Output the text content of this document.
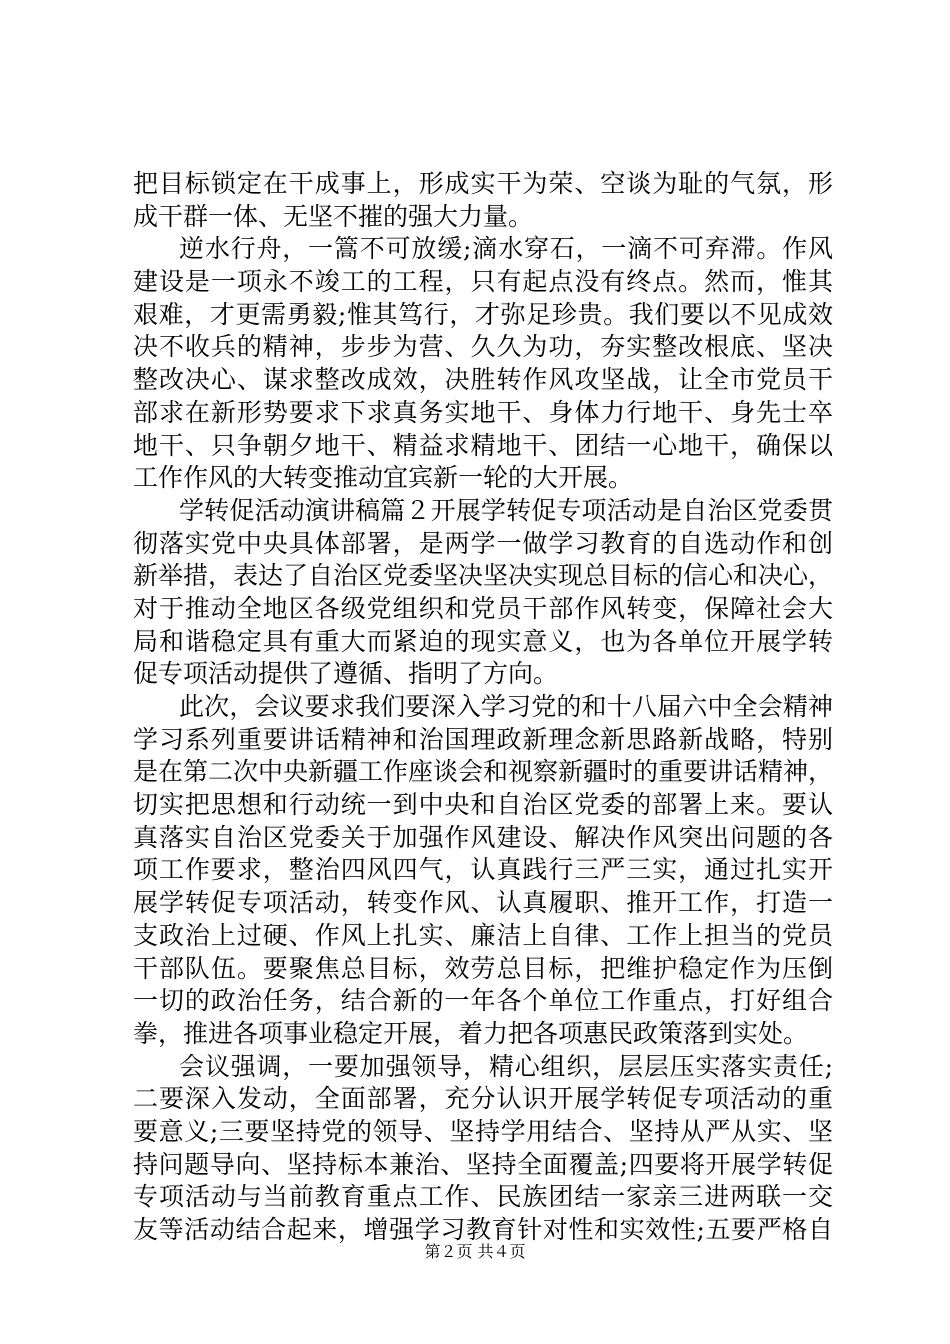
把目标锁定在干成事上，形成实干为荣、空谈为耻的气氛，形
成干群一体、无坚不摧的强大力量。
逆水行舟，一篙不可放缓;滴水穿石，一滴不可弃滞。作风
建设是一项永不竣工的工程，只有起点没有终点。然而，惟其
艰难，才更需勇毅;惟其笃行，才弥足珍贵。我们要以不见成效
决不收兵的精神，步步为营、久久为功，夯实整改根底、坚决
整改决心、谋求整改成效，决胜转作风攻坚战，让全市党员干
部求在新形势要求下求真务实地干、身体力行地干、身先士卒
地干、只争朝夕地干、精益求精地干、团结一心地干，确保以
工作作风的大转变推动宜宾新一轮的大开展。
学转促活动演讲稿篇２开展学转促专项活动是自治区党委贯
彻落实党中央具体部署，是两学一做学习教育的自选动作和创
新举措，表达了自治区党委坚决坚决实现总目标的信心和决心，
对于推动全地区各级党组织和党员干部作风转变，保障社会大
局和谐稳定具有重大而紧迫的现实意义，也为各单位开展学转
促专项活动提供了遵循、指明了方向。
此次，会议要求我们要深入学习党的和十八届六中全会精神
学习系列重要讲话精神和治国理政新理念新思路新战略，特别
是在第二次中央新疆工作座谈会和视察新疆时的重要讲话精神，
切实把思想和行动统一到中央和自治区党委的部署上来。要认
真落实自治区党委关于加强作风建设、解决作风突出问题的各
项工作要求，整治四风四气，认真践行三严三实，通过扎实开
展学转促专项活动，转变作风、认真履职、推开工作，打造一
支政治上过硬、作风上扎实、廉洁上自律、工作上担当的党员
干部队伍。要聚焦总目标，效劳总目标，把维护稳定作为压倒
一切的政治任务，结合新的一年各个单位工作重点，打好组合
拳，推进各项事业稳定开展，着力把各项惠民政策落到实处。
会议强调，一要加强领导，精心组织，层层压实落实责任;
二要深入发动，全面部署，充分认识开展学转促专项活动的重
要意义;三要坚持党的领导、坚持学用结合、坚持从严从实、坚
持问题导向、坚持标本兼治、坚持全面覆盖;四要将开展学转促
专项活动与当前教育重点工作、民族团结一家亲三进两联一交
友等活动结合起来，增强学习教育针对性和实效性;五要严格自
第２页 共４页
